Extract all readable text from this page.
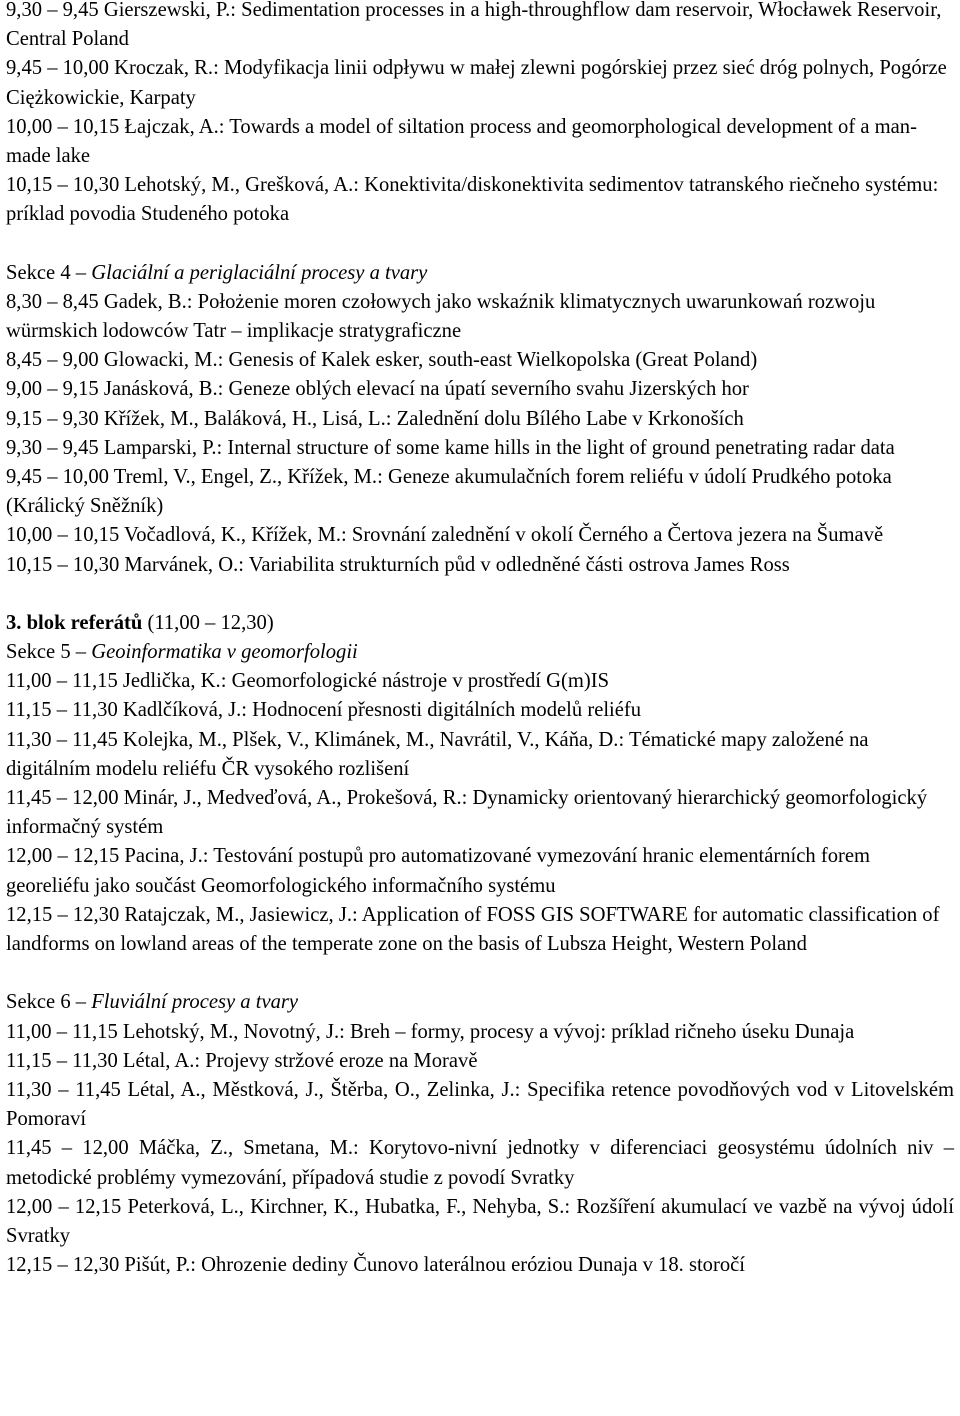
9,30 – 9,45 Gierszewski, P.: Sedimentation processes in a high-throughflow dam reservoir, Włocławek Reservoir, Central Poland

9,45 – 10,00 Kroczak, R.: Modyfikacja linii odpływu w małej zlewni pogórskiej przez sieć dróg polnych, Pogórze Ciężkowickie, Karpaty

10,00 – 10,15 Łajczak, A.: Towards a model of siltation process and geomorphological development of a man-made lake

10,15 – 10,30 Lehotský, M., Grešková, A.: Konektivita/diskonektivita sedimentov tatranského riečneho systému: príklad povodia Studeného potoka

Sekce 4 – Glaciální a periglaciální procesy a tvary

8,30 – 8,45 Gadek, B.: Położenie moren czołowych jako wskaźnik klimatycznych uwarunkowań rozwoju würmskich lodowców Tatr – implikacje stratygraficzne

8,45 – 9,00 Glowacki, M.: Genesis of Kalek esker, south-east Wielkopolska (Great Poland)

9,00 – 9,15 Janásková, B.: Geneze oblých elevací na úpatí severního svahu Jizerských hor

9,15 – 9,30 Křížek, M., Baláková, H., Lisá, L.: Zalednění dolu Bílého Labe v Krkonoších

9,30 – 9,45 Lamparski, P.: Internal structure of some kame hills in the light of ground penetrating radar data

9,45 – 10,00 Treml, V., Engel, Z., Křížek, M.: Geneze akumulačních forem reliéfu v údolí Prudkého potoka (Králický Sněžník)

10,00 – 10,15 Vočadlová, K., Křížek, M.: Srovnání zalednění v okolí Černého a Čertova jezera na Šumavě

10,15 – 10,30 Marvánek, O.: Variabilita strukturních půd v odledněné části ostrova James Ross

3. blok referátů (11,00 – 12,30)

Sekce 5 – Geoinformatika v geomorfologii

11,00 – 11,15 Jedlička, K.: Geomorfologické nástroje v prostředí G(m)IS

11,15 – 11,30 Kadlčíková, J.: Hodnocení přesnosti digitálních modelů reliéfu

11,30 – 11,45 Kolejka, M., Plšek, V., Klimánek, M., Navrátil, V., Káňa, D.: Tématické mapy založené na digitálním modelu reliéfu ČR vysokého rozlišení

11,45 – 12,00 Minár, J., Medveďová, A., Prokešová, R.: Dynamicky orientovaný hierarchický geomorfologický informačný systém

12,00 – 12,15 Pacina, J.: Testování postupů pro automatizované vymezování hranic elementárních forem georeliéfu jako součást Geomorfologického informačního systému

12,15 – 12,30 Ratajczak, M., Jasiewicz, J.: Application of FOSS GIS SOFTWARE for automatic classification of landforms on lowland areas of the temperate zone on the basis of Lubsza Height, Western Poland

Sekce 6 – Fluviální procesy a tvary

11,00 – 11,15 Lehotský, M., Novotný, J.: Breh – formy, procesy a vývoj: príklad ričneho úseku Dunaja

11,15 – 11,30 Létal, A.: Projevy stržové eroze na Moravě

11,30 – 11,45 Létal, A., Městková, J., Štěrba, O., Zelinka, J.: Specifika retence povodňových vod v Litovelském Pomoraví

11,45 – 12,00 Máčka, Z., Smetana, M.: Korytovo-nivní jednotky v diferenciaci geosystému údolních niv – metodické problémy vymezování, případová studie z povodí Svratky

12,00 – 12,15 Peterková, L., Kirchner, K., Hubatka, F., Nehyba, S.: Rozšíření akumulací ve vazbě na vývoj údolí Svratky

12,15 – 12,30 Pišút, P.: Ohrozenie dediny Čunovo laterálnou eróziou Dunaja v 18. storočí
